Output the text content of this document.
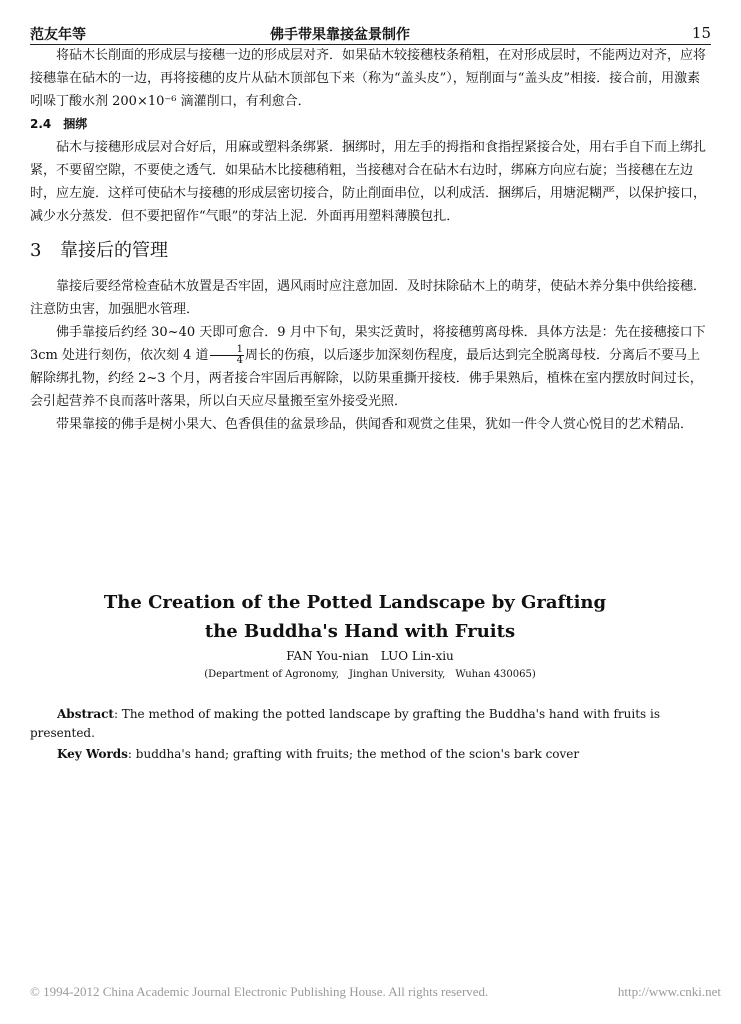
范友年等	佛手带果靠接盆景制作	15

将砧木长削面的形成层与接穗一边的形成层对齐．如果砧木较接穗枝条稍粗，在对形成层时，不能两边对齐，应将接穗靠在砧木的一边，再将接穗的皮片从砧木顶部包下来（称为“盖头皮”），短削面与“盖头皮”相接．接合前，用激素吲哚丁酸水剂 200×10⁻⁶ 滴灌削口，有利愈合．

2.4　捆绑

砧木与接穗形成层对合好后，用麻或塑料条绑紧．捆绑时，用左手的拇指和食指捏紧接合处，用右手自下而上绑扎紧，不要留空隙，不要使之透气．如果砧木比接穗稍粗，当接穗对合在砧木右边时，绑麻方向应右旋；当接穗在左边时，应左旋．这样可使砧木与接穗的形成层密切接合，防止削面串位，以利成活．捆绑后，用塘泥糊严，以保护接口，减少水分蒸发．但不要把留作“气眼”的芽沾上泥．外面再用塑料薄膜包扎．

3 靠接后的管理

靠接后要经常检查砧木放置是否牢固，遇风雨时应注意加固．及时抹除砧木上的萌芽，使砧木养分集中供给接穗．注意防虫害，加强肥水管理．

佛手靠接后约经 30~40 天即可愈合．9 月中下旬，果实泛黄时，将接穗剪离母株．具体方法是：先在接穗接口下 3cm 处进行刻伤，依次刻 4 道 $\frac{1}{4}$ 周长的伤痕，以后逐步加深刻伤程度，最后达到完全脱离母枝．分离后不要马上解除绑扎物，约经 2~3 个月，两者接合牢固后再解除，以防果重撕开接枝．佛手果熟后，植株在室内摆放时间过长，会引起营养不良而落叶落果，所以白天应尽量搬至室外接受光照．

带果靠接的佛手是树小果大、色香俱佳的盆景珍品，供闻香和观赏之佳果，犹如一件令人赏心悦目的艺术精品．

The Creation of the Potted Landscape by Grafting

the Buddha's Hand with Fruits

FAN You-nian　LUO Lin-xiu

(Department of Agronomy,　Jinghan University,　Wuhan 430065)

Abstract: The method of making the potted landscape by grafting the Buddha's hand with fruits is presented.

Key Words: buddha's hand; grafting with fruits; the method of the scion's bark cover

© 1994-2012 China Academic Journal Electronic Publishing House. All rights reserved.	http://www.cnki.net
